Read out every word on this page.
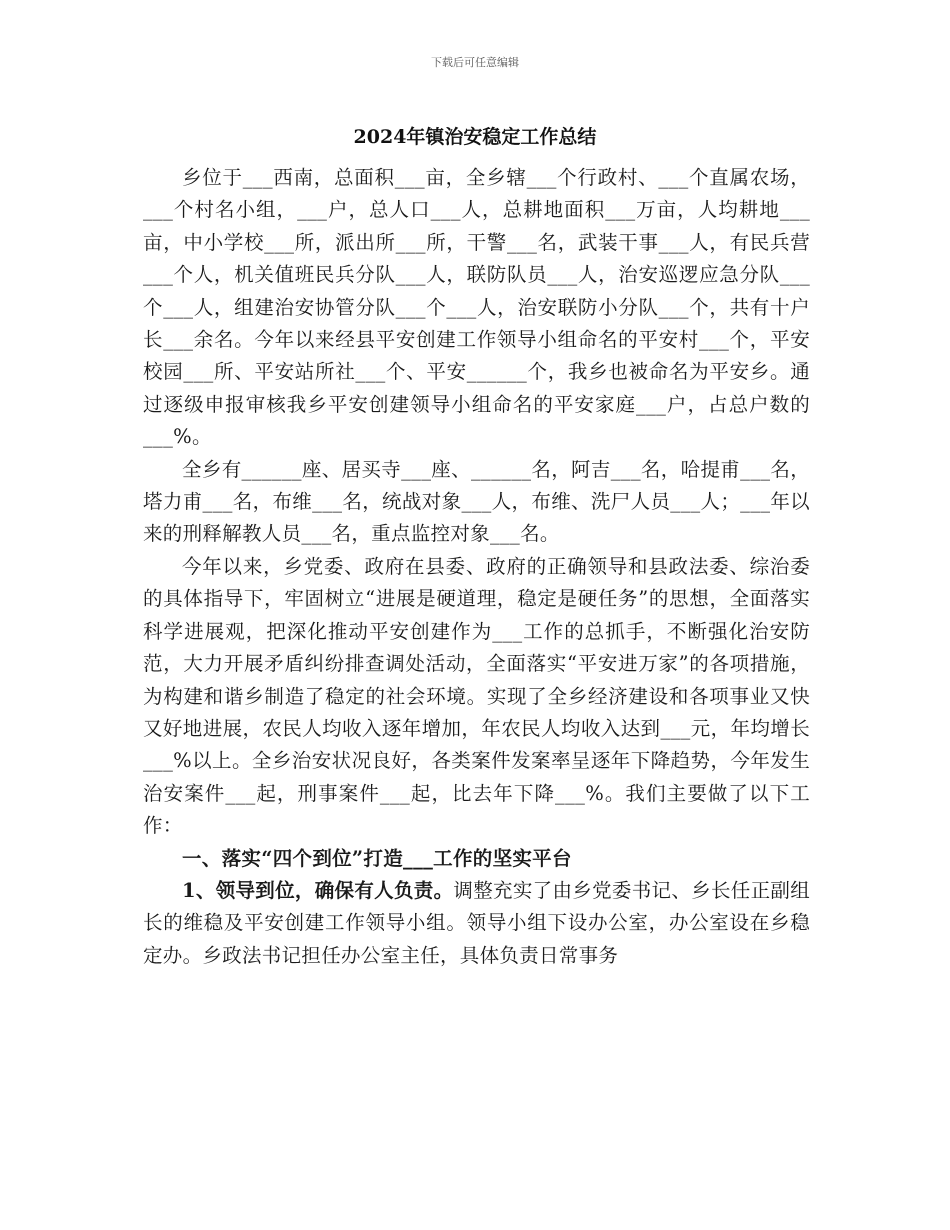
下载后可任意编辑
2024年镇治安稳定工作总结

乡位于___西南，总面积___亩，全乡辖___个行政村、___个直属农场，___个村名小组，___户，总人口___人，总耕地面积___万亩，人均耕地___亩，中小学校___所，派出所___所，干警___名，武装干事___人，有民兵营___个人，机关值班民兵分队___人，联防队员___人，治安巡逻应急分队___个___人，组建治安协管分队___个___人，治安联防小分队___个，共有十户长___余名。今年以来经县平安创建工作领导小组命名的平安村___个，平安校园___所、平安站所社___个、平安______个，我乡也被命名为平安乡。通过逐级申报审核我乡平安创建领导小组命名的平安家庭___户，占总户数的___%。

全乡有______座、居买寺___座、______名，阿吉___名，哈提甫___名，塔力甫___名，布维___名，统战对象___人，布维、洗尸人员___人；___年以来的刑释解教人员___名，重点监控对象___名。

今年以来，乡党委、政府在县委、政府的正确领导和县政法委、综治委的具体指导下，牢固树立“进展是硬道理，稳定是硬任务”的思想，全面落实科学进展观，把深化推动平安创建作为___工作的总抓手，不断强化治安防范，大力开展矛盾纠纷排查调处活动，全面落实“平安进万家”的各项措施，为构建和谐乡制造了稳定的社会环境。实现了全乡经济建设和各项事业又快又好地进展，农民人均收入逐年增加，年农民人均收入达到___元，年均增长___%以上。全乡治安状况良好，各类案件发案率呈逐年下降趋势，今年发生治安案件___起，刑事案件___起，比去年下降___%。我们主要做了以下工作：

一、落实“四个到位”打造___工作的坚实平台

1、领导到位，确保有人负责。调整充实了由乡党委书记、乡长任正副组长的维稳及平安创建工作领导小组。领导小组下设办公室，办公室设在乡稳定办。乡政法书记担任办公室主任，具体负责日常事务
